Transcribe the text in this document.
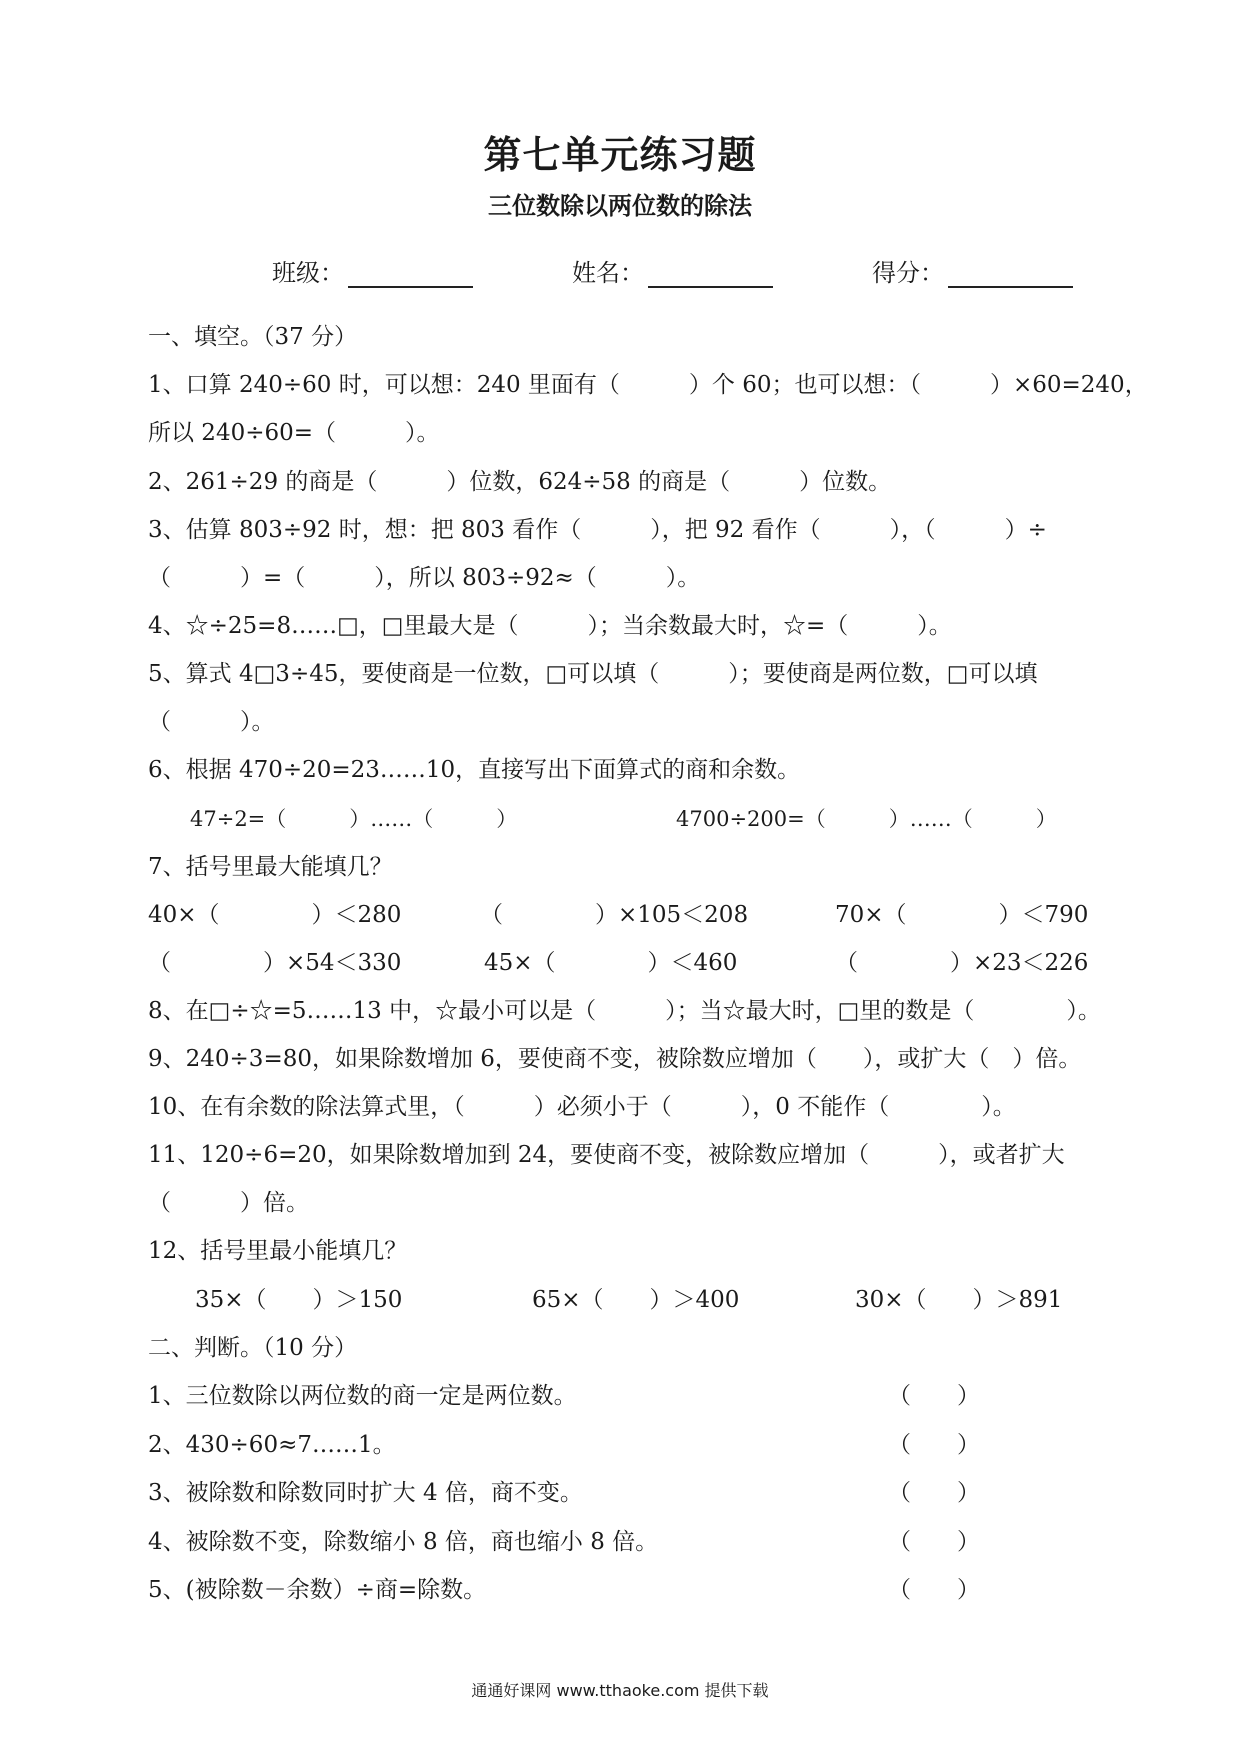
第七单元练习题
三位数除以两位数的除法
班级：	姓名：	得分：
一、填空。（37 分）
1、口算 240÷60 时，可以想：240 里面有（　　　）个 60；也可以想：（　　　）×60=240，
所以 240÷60=（　　　）。
2、261÷29 的商是（　　　）位数，624÷58 的商是（　　　）位数。
3、估算 803÷92 时，想：把 803 看作（　　　），把 92 看作（　　　），（　　　）÷
（　　　）=（　　　），所以 803÷92≈（　　　）。
4、☆÷25=8……□，□里最大是（　　　）；当余数最大时，☆=（　　　）。
5、算式 4□3÷45，要使商是一位数，□可以填（　　　）；要使商是两位数，□可以填
（　　　）。
6、根据 470÷20=23……10，直接写出下面算式的商和余数。
47÷2=（　　　）……（　　　）	4700÷200=（　　　）……（　　　）
7、括号里最大能填几？
40×（　　　　）＜280	（　　　　）×105＜208	70×（　　　　）＜790
（　　　　）×54＜330	45×（　　　　）＜460	（　　　　）×23＜226
8、在□÷☆=5……13 中，☆最小可以是（　　　）；当☆最大时，□里的数是（　　　　）。
9、240÷3=80，如果除数增加 6，要使商不变，被除数应增加（　　），或扩大（　）倍。
10、在有余数的除法算式里，（　　　）必须小于（　　　），0 不能作（　　　　）。
11、120÷6=20，如果除数增加到 24，要使商不变，被除数应增加（　　　），或者扩大
（　　　）倍。
12、括号里最小能填几？
35×（　　）＞150	65×（　　）＞400	30×（　　）＞891
二、判断。（10 分）
1、三位数除以两位数的商一定是两位数。	（　　）
2、430÷60≈7……1。	（　　）
3、被除数和除数同时扩大 4 倍，商不变。	（　　）
4、被除数不变，除数缩小 8 倍，商也缩小 8 倍。	（　　）
5、(被除数－余数）÷商=除数。	（　　）
通通好课网 www.tthaoke.com 提供下载
